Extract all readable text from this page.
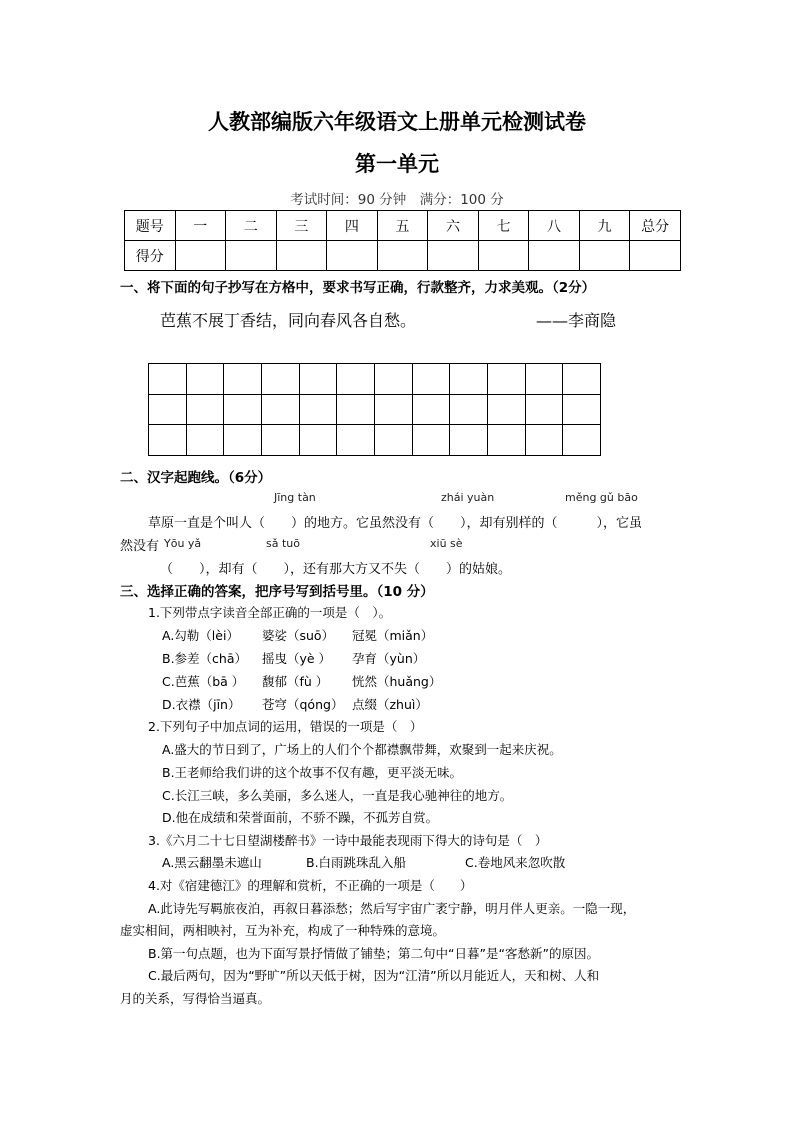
人教部编版六年级语文上册单元检测试卷
第一单元
考试时间：90 分钟　满分：100 分
题号	一	二	三	四	五	六	七	八	九	总分
得分										
一、将下面的句子抄写在方格中，要求书写正确，行款整齐，力求美观。（2分）
芭蕉不展丁香结，同向春风各自愁。	——李商隐

二、汉字起跑线。（6分）
Jīng tàn	zhái yuàn	měng gǔ bāo
草原一直是个叫人（　　）的地方。它虽然没有（　　），却有别样的（　　　），它虽
然没有 Yōu yǎ	sǎ tuō	xiū sè
（　　），却有（　　），还有那大方又不失（　　）的姑娘。
三、选择正确的答案，把序号写到括号里。（10 分）
1.下列带点字读音全部正确的一项是（　）。
A.勾勒（lèi） 婆娑（suō） 冠冕（miǎn）
B.参差（chā） 摇曳（yè ） 孕育（yùn）
C.芭蕉（bā ） 馥郁（fù ） 恍然（huǎng）
D.衣襟（jīn） 苍穹（qóng） 点缀（zhuì）
2.下列句子中加点词的运用，错误的一项是（　）
A.盛大的节日到了，广场上的人们个个都襟飘带舞，欢聚到一起来庆祝。
B.王老师给我们讲的这个故事不仅有趣，更平淡无味。
C.长江三峡，多么美丽，多么迷人，一直是我心驰神往的地方。
D.他在成绩和荣誉面前，不骄不躁，不孤芳自赏。
3.《六月二十七日望湖楼醉书》一诗中最能表现雨下得大的诗句是（　）
A.黑云翻墨未遮山	B.白雨跳珠乱入船	C.卷地风来忽吹散
4.对《宿建德江》的理解和赏析，不正确的一项是（　　）
A.此诗先写羁旅夜泊，再叙日暮添愁；然后写宇宙广袤宁静，明月伴人更亲。一隐一现，
虚实相间，两相映衬，互为补充，构成了一种特殊的意境。
B.第一句点题，也为下面写景抒情做了铺垫；第二句中“日暮”是“客愁新”的原因。
C.最后两句，因为“野旷”所以天低于树，因为“江清”所以月能近人，天和树、人和
月的关系，写得恰当逼真。
